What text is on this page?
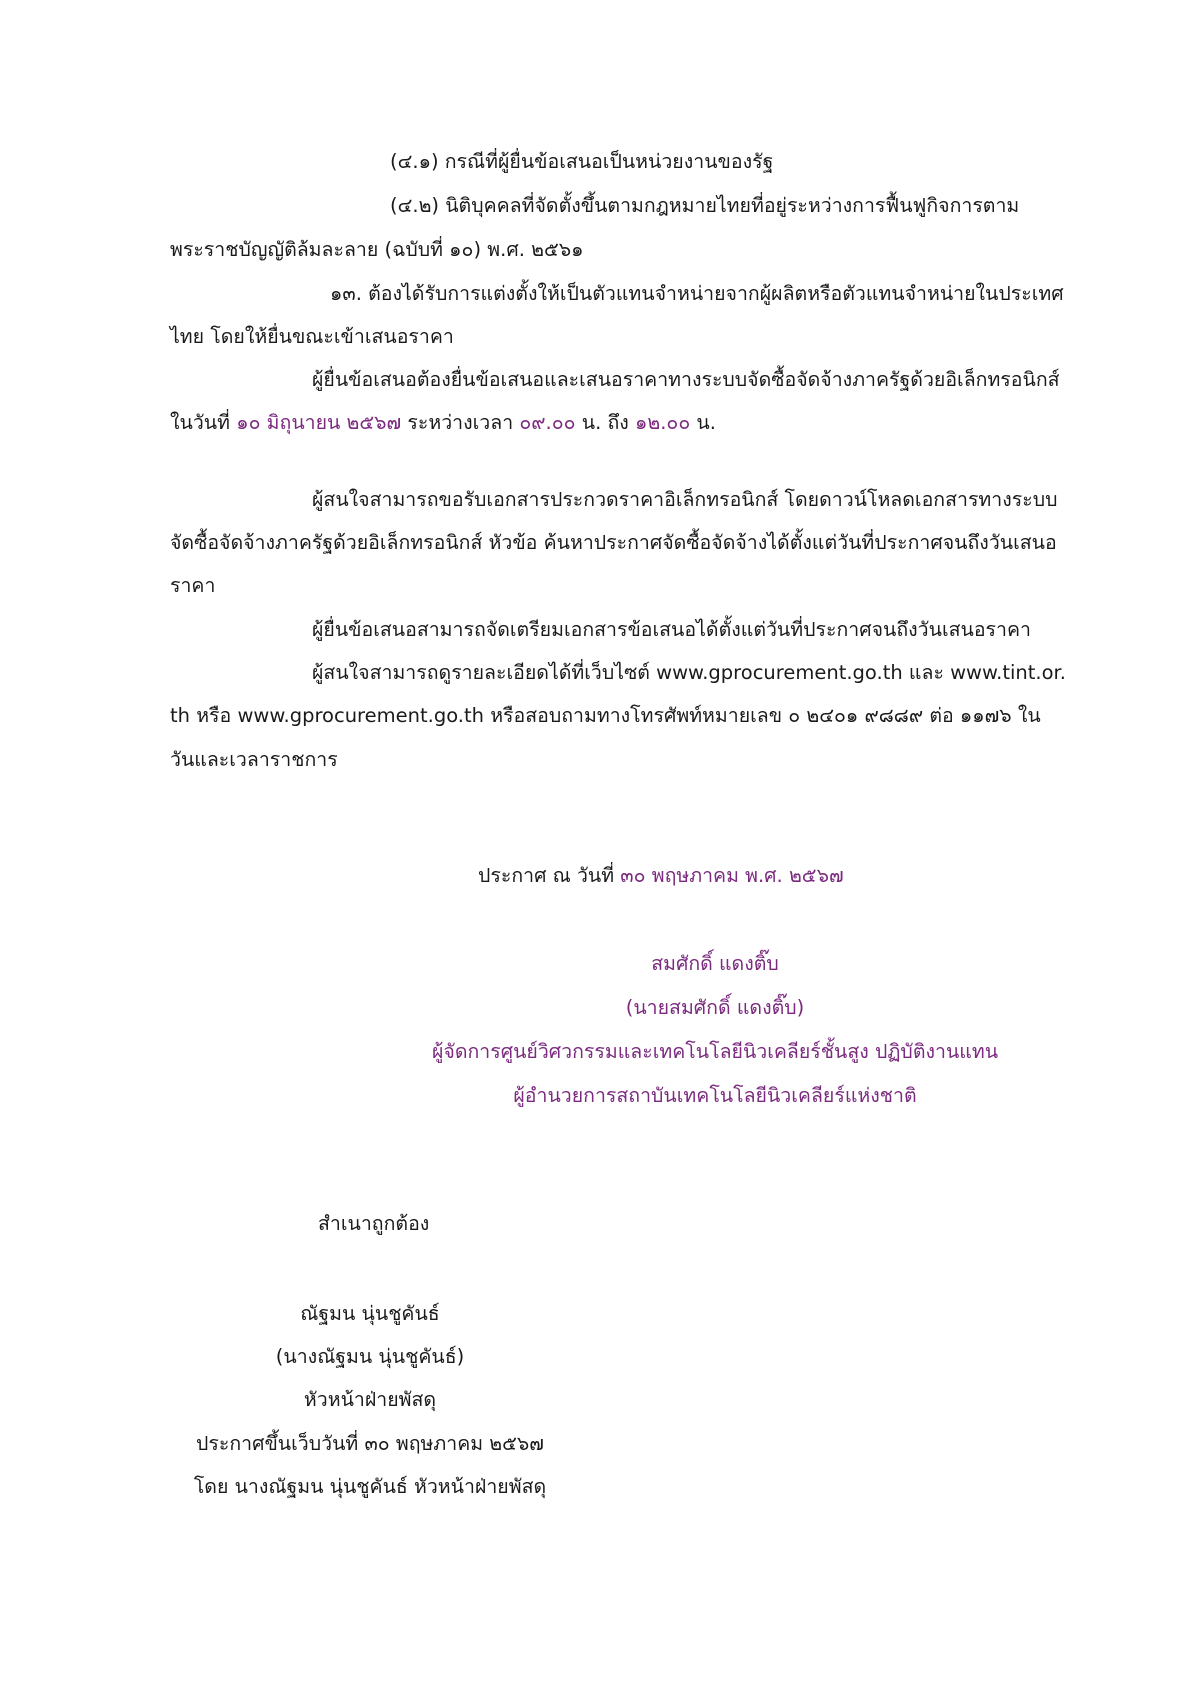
(๔.๑) กรณีที่ผู้ยื่นข้อเสนอเป็นหน่วยงานของรัฐ
(๔.๒) นิติบุคคลที่จัดตั้งขึ้นตามกฎหมายไทยที่อยู่ระหว่างการฟื้นฟูกิจการตาม
พระราชบัญญัติล้มละลาย (ฉบับที่ ๑๐) พ.ศ. ๒๕๖๑
๑๓. ต้องได้รับการแต่งตั้งให้เป็นตัวแทนจำหน่ายจากผู้ผลิตหรือตัวแทนจำหน่ายในประเทศ
ไทย โดยให้ยื่นขณะเข้าเสนอราคา
ผู้ยื่นข้อเสนอต้องยื่นข้อเสนอและเสนอราคาทางระบบจัดซื้อจัดจ้างภาครัฐด้วยอิเล็กทรอนิกส์
ในวันที่ ๑๐ มิถุนายน ๒๕๖๗ ระหว่างเวลา ๐๙.๐๐ น. ถึง ๑๒.๐๐ น.
ผู้สนใจสามารถขอรับเอกสารประกวดราคาอิเล็กทรอนิกส์ โดยดาวน์โหลดเอกสารทางระบบ
จัดซื้อจัดจ้างภาครัฐด้วยอิเล็กทรอนิกส์ หัวข้อ ค้นหาประกาศจัดซื้อจัดจ้างได้ตั้งแต่วันที่ประกาศจนถึงวันเสนอ
ราคา
ผู้ยื่นข้อเสนอสามารถจัดเตรียมเอกสารข้อเสนอได้ตั้งแต่วันที่ประกาศจนถึงวันเสนอราคา
ผู้สนใจสามารถดูรายละเอียดได้ที่เว็บไซต์ www.gprocurement.go.th และ www.tint.or.
th หรือ www.gprocurement.go.th หรือสอบถามทางโทรศัพท์หมายเลข ๐ ๒๔๐๑ ๙๘๘๙ ต่อ ๑๑๗๖ ใน
วันและเวลาราชการ
ประกาศ ณ วันที่ ๓๐ พฤษภาคม พ.ศ. ๒๕๖๗
สมศักดิ์ แดงติ๊บ
(นายสมศักดิ์ แดงติ๊บ)
ผู้จัดการศูนย์วิศวกรรมและเทคโนโลยีนิวเคลียร์ชั้นสูง ปฏิบัติงานแทน
ผู้อำนวยการสถาบันเทคโนโลยีนิวเคลียร์แห่งชาติ
สำเนาถูกต้อง
ณัฐมน นุ่นชูคันธ์
(นางณัฐมน นุ่นชูคันธ์)
หัวหน้าฝ่ายพัสดุ
ประกาศขึ้นเว็บวันที่ ๓๐ พฤษภาคม ๒๕๖๗
โดย นางณัฐมน นุ่นชูคันธ์ หัวหน้าฝ่ายพัสดุ
